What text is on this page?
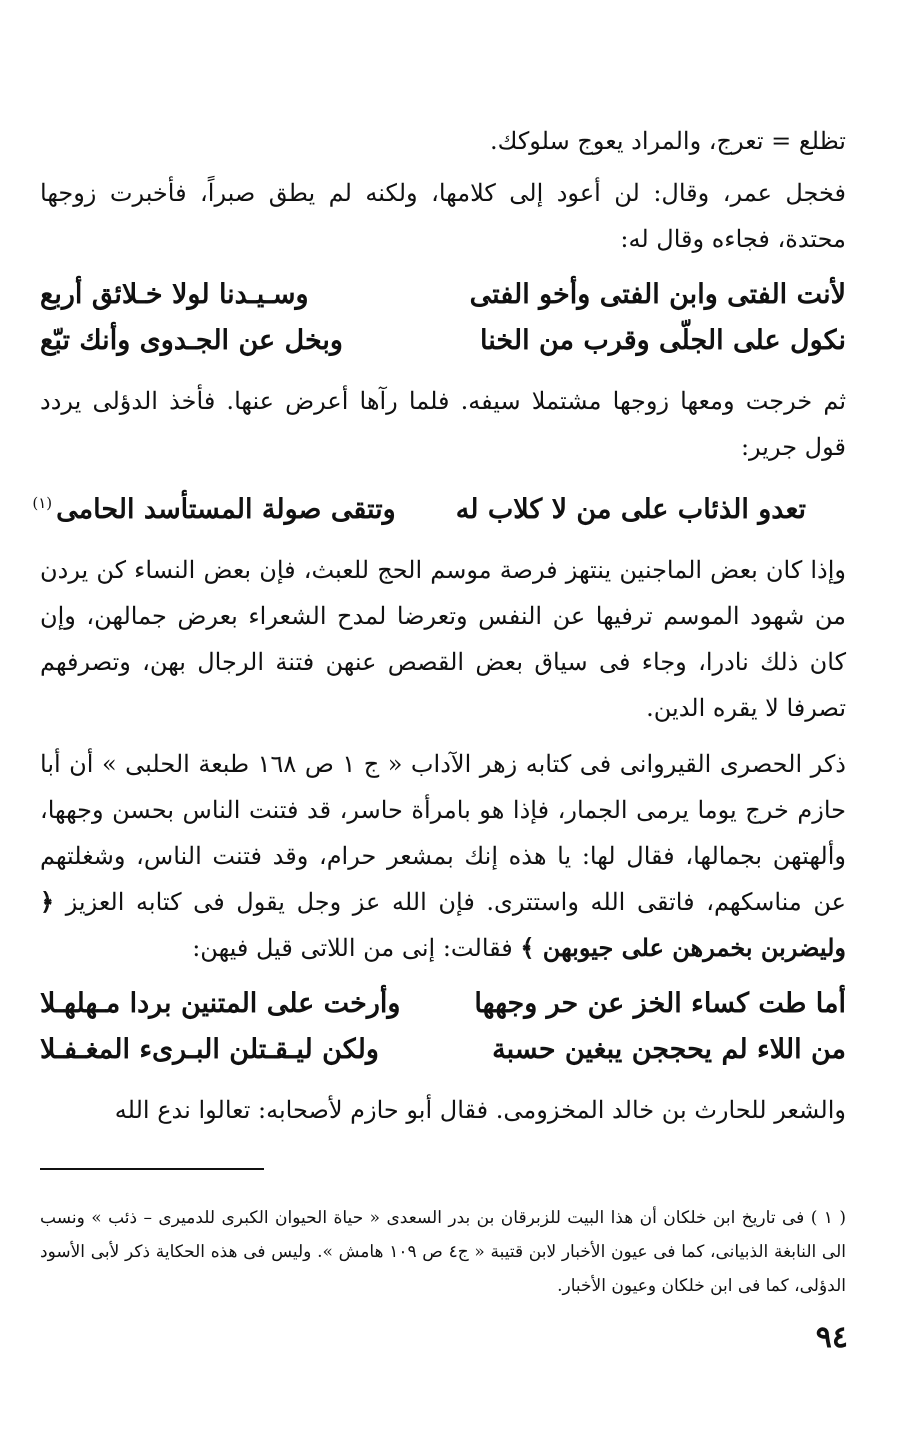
تظلع = تعرج، والمراد يعوج سلوكك.

فخجل عمر، وقال: لن أعود إلى كلامها، ولكنه لم يطق صبراً، فأخبرت زوجها محتدة، فجاءه وقال له:

لأنت الفتى وابن الفتى وأخو الفتى
وسـيـدنا لولا خـلائق أربع
نكول على الجلّى وقرب من الخنا
وبخل عن الجـدوى وأنك تبّع

ثم خرجت ومعها زوجها مشتملا سيفه. فلما رآها أعرض عنها. فأخذ الدؤلى يردد قول جرير:

تعدو الذئاب على من لا كلاب له
وتتقى صولة المستأسد الحامى$^{(١)}$

وإذا كان بعض الماجنين ينتهز فرصة موسم الحج للعبث، فإن بعض النساء كن يردن من شهود الموسم ترفيها عن النفس وتعرضا لمدح الشعراء بعرض جمالهن، وإن كان ذلك نادرا، وجاء فى سياق بعض القصص عنهن فتنة الرجال بهن، وتصرفهم تصرفا لا يقره الدين.

ذكر الحصرى القيروانى فى كتابه زهر الآداب « ج ١ ص ١٦٨ طبعة الحلبى » أن أبا حازم خرج يوما يرمى الجمار، فإذا هو بامرأة حاسر، قد فتنت الناس بحسن وجهها، وألهتهن بجمالها، فقال لها: يا هذه إنك بمشعر حرام، وقد فتنت الناس، وشغلتهم عن مناسكهم، فاتقى الله واستترى. فإن الله عز وجل يقول فى كتابه العزيز ﴿ وليضربن بخمرهن على جيوبهن ﴾ فقالت: إنى من اللاتى قيل فيهن:

أما طت كساء الخز عن حر وجهها
وأرخت على المتنين بردا مـهلهـلا
من اللاء لم يحججن يبغين حسبة
ولكن ليـقـتلن البـرىء المغـفـلا

والشعر للحارث بن خالد المخزومى. فقال أبو حازم لأصحابه: تعالوا ندع الله

( ١ ) فى تاريخ ابن خلكان أن هذا البيت للزبرقان بن بدر السعدى « حياة الحيوان الكبرى للدميرى – ذئب » ونسب الى النابغة الذبيانى، كما فى عيون الأخبار لابن قتيبة « ج٤ ص ١٠٩ هامش ». وليس فى هذه الحكاية ذكر لأبى الأسود الدؤلى، كما فى ابن خلكان وعيون الأخبار.

٩٤
